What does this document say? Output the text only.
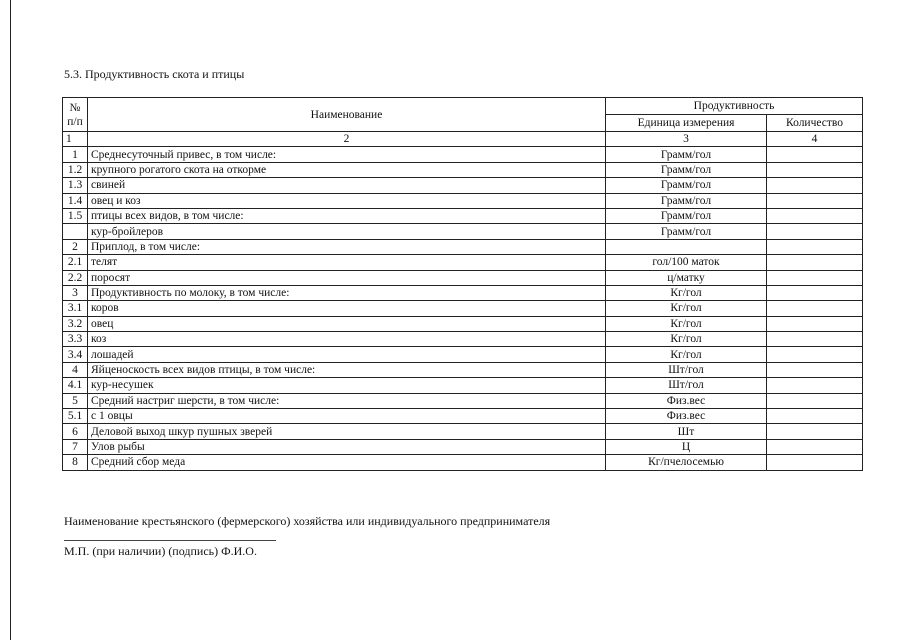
5.3. Продуктивность скота и птицы
№
п/п	Наименование	Продуктивность	
		Единица измерения	Количество
1	2	3	4
1	Среднесуточный привес, в том числе:	Грамм/гол	
1.2	крупного рогатого скота на откорме	Грамм/гол	
1.3	свиней	Грамм/гол	
1.4	овец и коз	Грамм/гол	
1.5	птицы всех видов, в том числе:	Грамм/гол	
	кур-бройлеров	Грамм/гол	
2	Приплод, в том числе:		
2.1	телят	гол/100 маток	
2.2	поросят	ц/матку	
3	Продуктивность по молоку, в том числе:	Кг/гол	
3.1	коров	Кг/гол	
3.2	овец	Кг/гол	
3.3	коз	Кг/гол	
3.4	лошадей	Кг/гол	
4	Яйценоскость всех видов птицы, в том числе:	Шт/гол	
4.1	кур-несушек	Шт/гол	
5	Средний настриг шерсти, в том числе:	Физ.вес	
5.1	с 1 овцы	Физ.вес	
6	Деловой выход шкур пушных зверей	Шт	
7	Улов рыбы	Ц	
8	Средний сбор меда	Кг/пчелосемью	
Наименование крестьянского (фермерского) хозяйства или индивидуального предпринимателя
М.П. (при наличии) (подпись) Ф.И.О.
